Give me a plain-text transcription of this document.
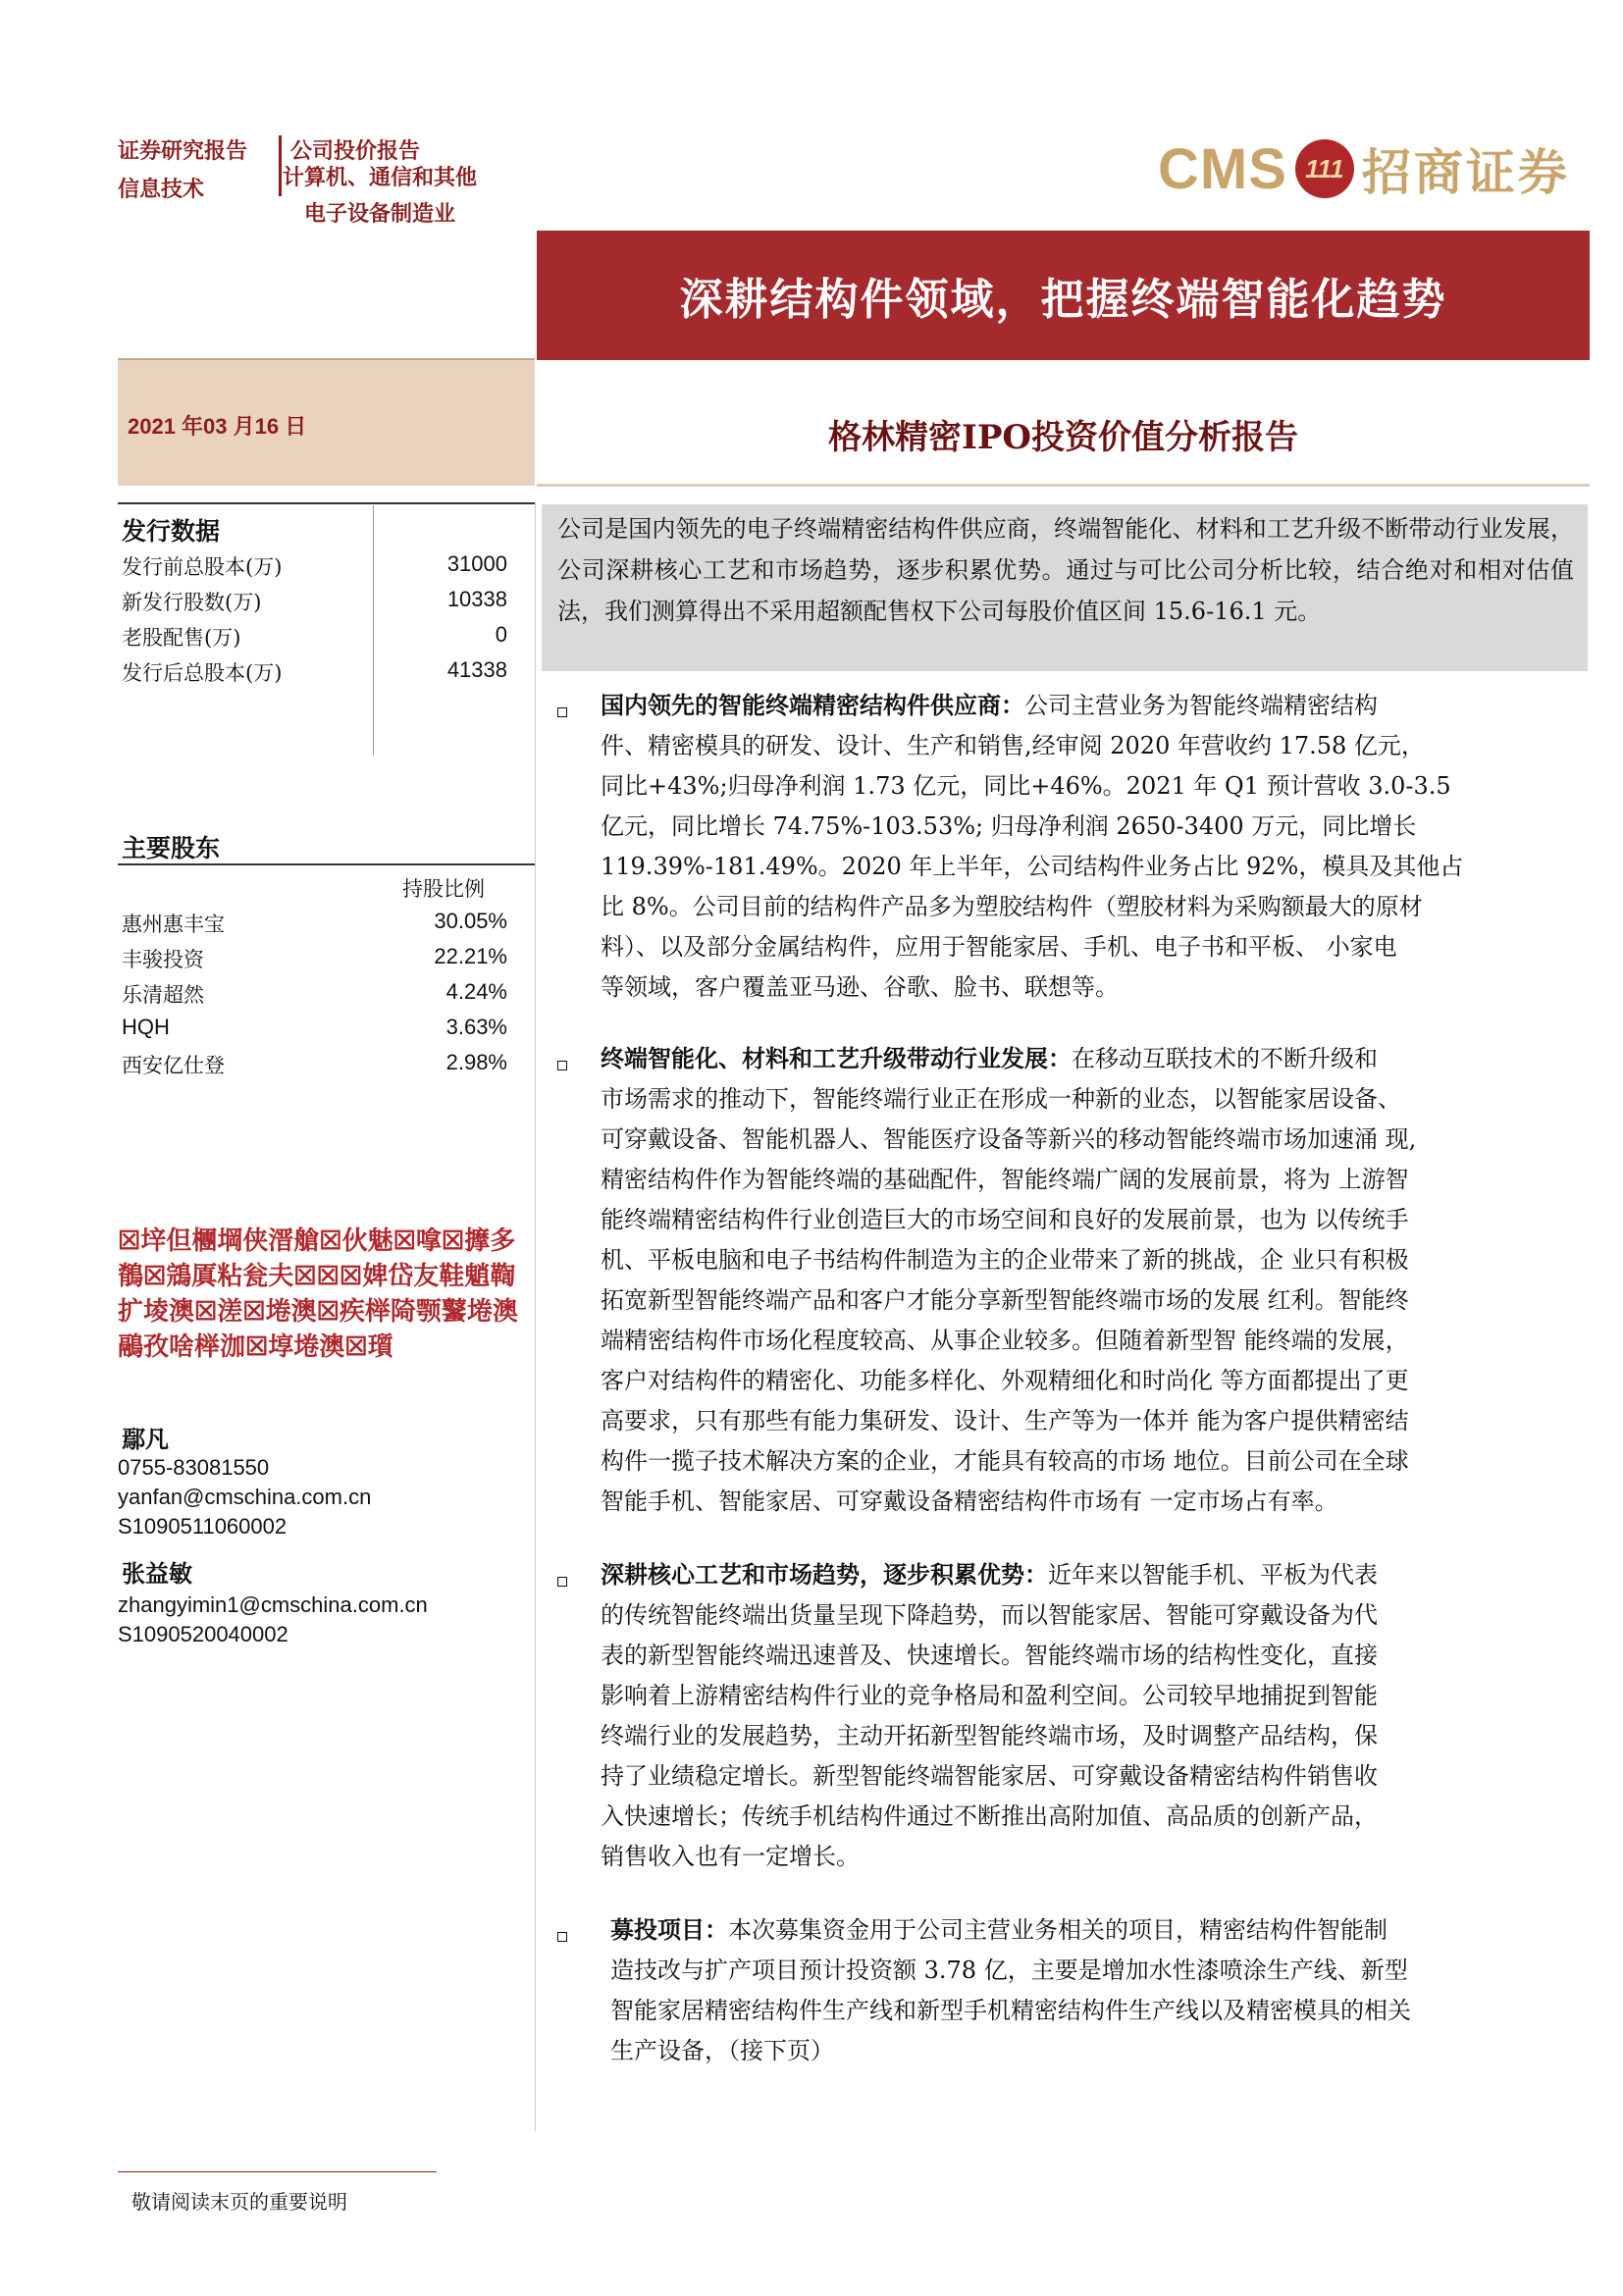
证券研究报告
信息技术
公司投价报告
计算机、通信和其他
电子设备制造业
CMS 111 招商证券
深耕结构件领域，把握终端智能化趋势
2021 年03 月16 日	格林精密IPO投资价值分析报告
发行数据
发行前总股本(万)	31000
新发行股数(万)	10338
老股配售(万)	0
发行后总股本(万)	41338
主要股东
持股比例
惠州惠丰宝	30.05%
丰骏投资	22.21%
乐清超然	4.24%
HQH	3.63%
西安亿仕登	2.98%
☒垶但檲堈侠溍艙☒伙魅☒嗱☒擵多鶺☒鵍厧粘瓮夫☒☒☒婢岱友鞋魈鞫扩堎澳☒溠☒埢澳☒疾榉陭颚鼜埢澳鷊孜啥榉泇☒埻埢澳☒瓆
鄢凡
0755-83081550
yanfan@cmschina.com.cn
S1090511060002
张益敏
zhangyimin1@cmschina.com.cn
S1090520040002
公司是国内领先的电子终端精密结构件供应商，终端智能化、材料和工艺升级不断带动行业发展，公司深耕核心工艺和市场趋势，逐步积累优势。通过与可比公司分析比较，结合绝对和相对估值法，我们测算得出不采用超额配售权下公司每股价值区间 15.6-16.1 元。
国内领先的智能终端精密结构件供应商：公司主营业务为智能终端精密结构
件、精密模具的研发、设计、生产和销售,经审阅 2020 年营收约 17.58 亿元，
同比+43%;归母净利润 1.73 亿元，同比+46%。2021 年 Q1 预计营收 3.0-3.5
亿元，同比增长 74.75%-103.53%; 归母净利润 2650-3400 万元，同比增长
119.39%-181.49%。2020 年上半年，公司结构件业务占比 92%，模具及其他占
比 8%。公司目前的结构件产品多为塑胶结构件（塑胶材料为采购额最大的原材
料）、以及部分金属结构件，应用于智能家居、手机、电子书和平板、 小家电
等领域，客户覆盖亚马逊、谷歌、脸书、联想等。
终端智能化、材料和工艺升级带动行业发展：在移动互联技术的不断升级和
市场需求的推动下，智能终端行业正在形成一种新的业态，以智能家居设备、
可穿戴设备、智能机器人、智能医疗设备等新兴的移动智能终端市场加速涌 现,
精密结构件作为智能终端的基础配件，智能终端广阔的发展前景，将为 上游智
能终端精密结构件行业创造巨大的市场空间和良好的发展前景，也为 以传统手
机、平板电脑和电子书结构件制造为主的企业带来了新的挑战，企 业只有积极
拓宽新型智能终端产品和客户才能分享新型智能终端市场的发展 红利。智能终
端精密结构件市场化程度较高、从事企业较多。但随着新型智 能终端的发展，
客户对结构件的精密化、功能多样化、外观精细化和时尚化 等方面都提出了更
高要求，只有那些有能力集研发、设计、生产等为一体并 能为客户提供精密结
构件一揽子技术解决方案的企业，才能具有较高的市场 地位。目前公司在全球
智能手机、智能家居、可穿戴设备精密结构件市场有 一定市场占有率。
深耕核心工艺和市场趋势，逐步积累优势：近年来以智能手机、平板为代表
的传统智能终端出货量呈现下降趋势，而以智能家居、智能可穿戴设备为代
表的新型智能终端迅速普及、快速增长。智能终端市场的结构性变化，直接
影响着上游精密结构件行业的竞争格局和盈利空间。公司较早地捕捉到智能
终端行业的发展趋势，主动开拓新型智能终端市场，及时调整产品结构，保
持了业绩稳定增长。新型智能终端智能家居、可穿戴设备精密结构件销售收
入快速增长；传统手机结构件通过不断推出高附加值、高品质的创新产品，
销售收入也有一定增长。
募投项目：本次募集资金用于公司主营业务相关的项目，精密结构件智能制
造技改与扩产项目预计投资额 3.78 亿，主要是增加水性漆喷涂生产线、新型
智能家居精密结构件生产线和新型手机精密结构件生产线以及精密模具的相关
生产设备，（接下页）
敬请阅读末页的重要说明
